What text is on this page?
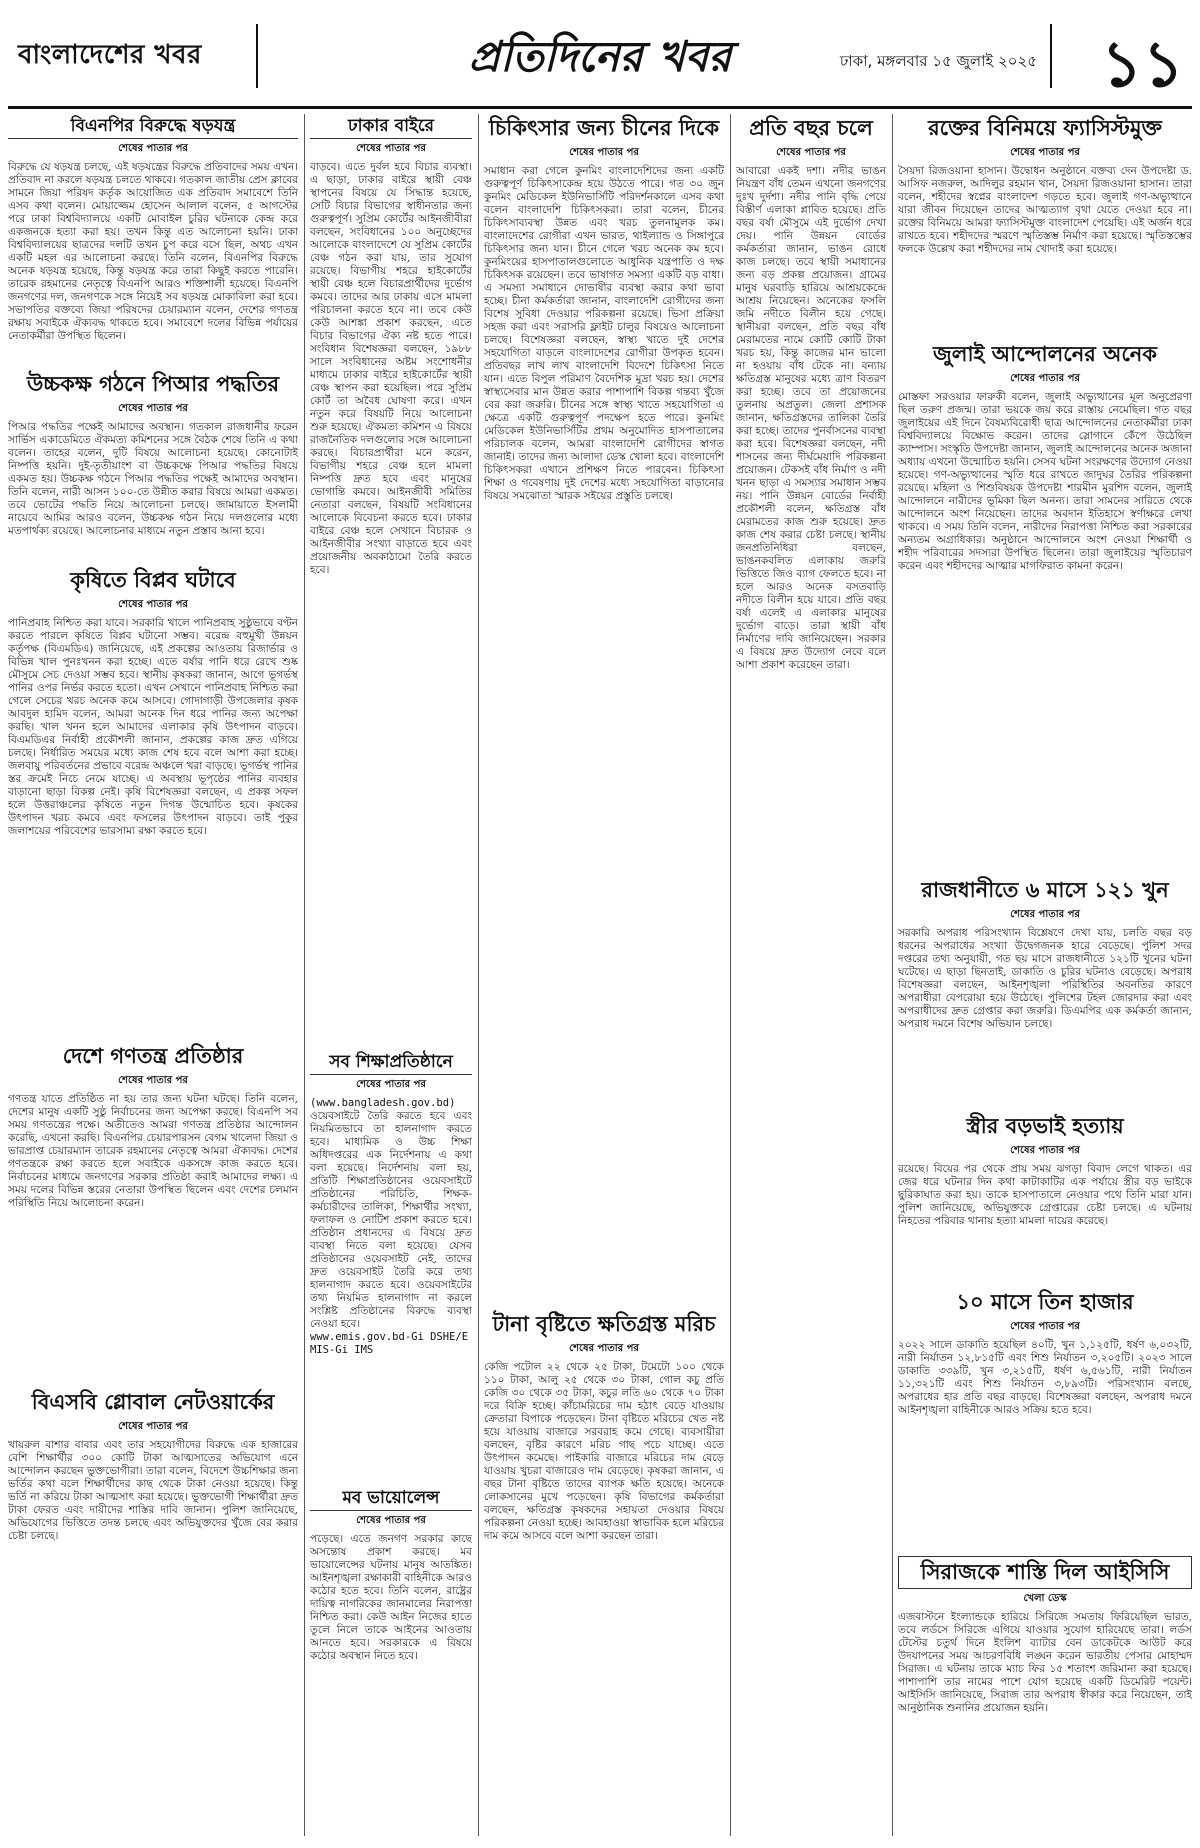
বাংলাদেশের খবর	প্রতিদিনের খবর	ঢাকা, মঙ্গলবার ১৫ জুলাই ২০২৫ ১১
বিএনপির বিরুদ্ধে ষড়যন্ত্র
শেষের পাতার পর
বিরুদ্ধে যে ষড়যন্ত্র চলছে, এই ষড়যন্ত্রের বিরুদ্ধে প্রতিবাদের সময় এখন। প্রতিবাদ না করলে ষড়যন্ত্র চলতে থাকবে। গতকাল জাতীয় প্রেস ক্লাবের সামনে জিয়া পরিষদ কর্তৃক আয়োজিত এক প্রতিবাদ সমাবেশে তিনি এসব কথা বলেন। মোয়াজ্জেম হোসেন আলাল বলেন, ৫ আগস্টের পরে ঢাকা বিশ্ববিদ্যালয়ে একটি মোবাইল চুরির ঘটনাকে কেন্দ্র করে একজনকে হত্যা করা হয়। তখন কিন্তু এত আলোচনা হয়নি। ঢাকা বিশ্ববিদ্যালয়ের ছাত্রদের দলটি তখন চুপ করে বসে ছিল, অথচ এখন একটি মহল এর আলোচনা করছে। তিনি বলেন, বিএনপির বিরুদ্ধে অনেক ষড়যন্ত্র হয়েছে, কিন্তু ষড়যন্ত্র করে তারা কিছুই করতে পারেনি। তারেক রহমানের নেতৃত্বে বিএনপি আরও শক্তিশালী হয়েছে। বিএনপি জনগণের দল, জনগণকে সঙ্গে নিয়েই সব ষড়যন্ত্র মোকাবিলা করা হবে। সভাপতির বক্তব্যে জিয়া পরিষদের চেয়ারম্যান বলেন, দেশের গণতন্ত্র রক্ষায় সবাইকে ঐক্যবদ্ধ থাকতে হবে। সমাবেশে দলের বিভিন্ন পর্যায়ের নেতাকর্মীরা উপস্থিত ছিলেন।
উচ্চকক্ষ গঠনে পিআর পদ্ধতির
শেষের পাতার পর
পিআর পদ্ধতির পক্ষেই আমাদের অবস্থান। গতকাল রাজধানীর ফরেন সার্ভিস একাডেমিতে ঐকমত্য কমিশনের সঙ্গে বৈঠক শেষে তিনি এ কথা বলেন। তাহের বলেন, দুটি বিষয়ে আলোচনা হয়েছে। কোনোটাই নিষ্পত্তি হয়নি। দুই-তৃতীয়াংশ বা উচ্চকক্ষে পিআর পদ্ধতির বিষয়ে একমত হয়। উচ্চকক্ষ গঠনে পিআর পদ্ধতির পক্ষেই আমাদের অবস্থান। তিনি বলেন, নারী আসন ১০০-তে উন্নীত করার বিষয়ে আমরা একমত। তবে ভোটের পদ্ধতি নিয়ে আলোচনা চলছে। জামায়াতে ইসলামী নায়েবে আমির আরও বলেন, উচ্চকক্ষ গঠন নিয়ে দলগুলোর মধ্যে মতপার্থক্য রয়েছে। আলোচনার মাধ্যমে নতুন প্রস্তাব আনা হবে।
কৃষিতে বিপ্লব ঘটাবে
শেষের পাতার পর
পানিপ্রবাহ নিশ্চিত করা যাবে। সরকারি খালে পানিপ্রবাহ সুষ্ঠুভাবে বণ্টন করতে পারলে কৃষিতে বিপ্লব ঘটানো সম্ভব। বরেন্দ্র বহুমুখী উন্নয়ন কর্তৃপক্ষ (বিএমডিএ) জানিয়েছে, এই প্রকল্পের আওতায় রিজার্ভার ও বিভিন্ন খাল পুনঃখনন করা হচ্ছে। এতে বর্ষার পানি ধরে রেখে শুষ্ক মৌসুমে সেচ দেওয়া সম্ভব হবে। স্থানীয় কৃষকরা জানান, আগে ভূগর্ভস্থ পানির ওপর নির্ভর করতে হতো। এখন সেখানে পানিপ্রবাহ নিশ্চিত করা গেলে সেচের খরচ অনেক কমে আসবে। গোদাগাড়ী উপজেলার কৃষক আবদুল হামিদ বলেন, আমরা অনেক দিন ধরে পানির জন্য অপেক্ষা করছি। খাল খনন হলে আমাদের এলাকার কৃষি উৎপাদন বাড়বে। বিএমডিএর নির্বাহী প্রকৌশলী জানান, প্রকল্পের কাজ দ্রুত এগিয়ে চলছে। নির্ধারিত সময়ের মধ্যে কাজ শেষ হবে বলে আশা করা হচ্ছে। জলবায়ু পরিবর্তনের প্রভাবে বরেন্দ্র অঞ্চলে খরা বাড়ছে। ভূগর্ভস্থ পানির স্তর ক্রমেই নিচে নেমে যাচ্ছে। এ অবস্থায় ভূপৃষ্ঠের পানির ব্যবহার বাড়ানো ছাড়া বিকল্প নেই। কৃষি বিশেষজ্ঞরা বলছেন, এ প্রকল্প সফল হলে উত্তরাঞ্চলের কৃষিতে নতুন দিগন্ত উন্মোচিত হবে। কৃষকের উৎপাদন খরচ কমবে এবং ফসলের উৎপাদন বাড়বে। তাই পুকুর জলাশয়ের পরিবেশের ভারসাম্য রক্ষা করতে হবে।
দেশে গণতন্ত্র প্রতিষ্ঠার
শেষের পাতার পর
গণতন্ত্র যাতে প্রতিষ্ঠিত না হয় তার জন্য ঘটনা ঘটছে। তিনি বলেন, দেশের মানুষ একটি সুষ্ঠু নির্বাচনের জন্য অপেক্ষা করছে। বিএনপি সব সময় গণতন্ত্রের পক্ষে। অতীতেও আমরা গণতন্ত্র প্রতিষ্ঠার আন্দোলন করেছি, এখনো করছি। বিএনপির চেয়ারপারসন বেগম খালেদা জিয়া ও ভারপ্রাপ্ত চেয়ারম্যান তারেক রহমানের নেতৃত্বে আমরা ঐক্যবদ্ধ। দেশের গণতন্ত্রকে রক্ষা করতে হলে সবাইকে একসঙ্গে কাজ করতে হবে। নির্বাচনের মাধ্যমে জনগণের সরকার প্রতিষ্ঠা করাই আমাদের লক্ষ্য। এ সময় দলের বিভিন্ন স্তরের নেতারা উপস্থিত ছিলেন এবং দেশের চলমান পরিস্থিতি নিয়ে আলোচনা করেন।
বিএসবি গ্লোবাল নেটওয়ার্কের
শেষের পাতার পর
খায়রুল বাশার বাবার এবং তার সহযোগীদের বিরুদ্ধে এক হাজারের বেশি শিক্ষার্থীর ৩০০ কোটি টাকা আত্মসাতের অভিযোগ এনে আন্দোলন করছেন ভুক্তভোগীরা। তারা বলেন, বিদেশে উচ্চশিক্ষার জন্য ভর্তির কথা বলে শিক্ষার্থীদের কাছ থেকে টাকা নেওয়া হয়েছে। কিন্তু ভর্তি না করিয়ে টাকা আত্মসাৎ করা হয়েছে। ভুক্তভোগী শিক্ষার্থীরা দ্রুত টাকা ফেরত এবং দায়ীদের শাস্তির দাবি জানান। পুলিশ জানিয়েছে, অভিযোগের ভিত্তিতে তদন্ত চলছে এবং অভিযুক্তদের খুঁজে বের করার চেষ্টা চলছে।
ঢাকার বাইরে
শেষের পাতার পর
বাড়বে। এতে দুর্বল হবে বিচার ব্যবস্থা। এ ছাড়া, ঢাকার বাইরে স্থায়ী বেঞ্চ স্থাপনের বিষয়ে যে সিদ্ধান্ত হয়েছে, সেটি বিচার বিভাগের স্বাধীনতার জন্য গুরুত্বপূর্ণ। সুপ্রিম কোর্টের আইনজীবীরা বলছেন, সংবিধানের ১০০ অনুচ্ছেদের আলোকে বাংলাদেশে যে সুপ্রিম কোর্টের বেঞ্চ গঠন করা যায়, তার সুযোগ রয়েছে। বিভাগীয় শহরে হাইকোর্টের স্থায়ী বেঞ্চ হলে বিচারপ্রার্থীদের দুর্ভোগ কমবে। তাদের আর ঢাকায় এসে মামলা পরিচালনা করতে হবে না। তবে কেউ কেউ আশঙ্কা প্রকাশ করছেন, এতে বিচার বিভাগের ঐক্য নষ্ট হতে পারে। সংবিধান বিশেষজ্ঞরা বলছেন, ১৯৮৮ সালে সংবিধানের অষ্টম সংশোধনীর মাধ্যমে ঢাকার বাইরে হাইকোর্টের স্থায়ী বেঞ্চ স্থাপন করা হয়েছিল। পরে সুপ্রিম কোর্ট তা অবৈধ ঘোষণা করে। এখন নতুন করে বিষয়টি নিয়ে আলোচনা শুরু হয়েছে। ঐকমত্য কমিশন এ বিষয়ে রাজনৈতিক দলগুলোর সঙ্গে আলোচনা করছে। বিচারপ্রার্থীরা মনে করেন, বিভাগীয় শহরে বেঞ্চ হলে মামলা নিষ্পত্তি দ্রুত হবে এবং মানুষের ভোগান্তি কমবে। আইনজীবী সমিতির নেতারা বলছেন, বিষয়টি সংবিধানের আলোকে বিবেচনা করতে হবে। ঢাকার বাইরে বেঞ্চ হলে সেখানে বিচারক ও আইনজীবীর সংখ্যা বাড়াতে হবে এবং প্রয়োজনীয় অবকাঠামো তৈরি করতে হবে।
সব শিক্ষাপ্রতিষ্ঠানে
শেষের পাতার পর
(www.bangladesh.gov.bd)
ওয়েবসাইটে তৈরি করতে হবে এবং নিয়মিতভাবে তা হালনাগাদ করতে হবে। মাধ্যমিক ও উচ্চ শিক্ষা অধিদপ্তরের এক নির্দেশনায় এ কথা বলা হয়েছে। নির্দেশনায় বলা হয়, প্রতিটি শিক্ষাপ্রতিষ্ঠানের ওয়েবসাইটে প্রতিষ্ঠানের পরিচিতি, শিক্ষক-কর্মচারীদের তালিকা, শিক্ষার্থীর সংখ্যা, ফলাফল ও নোটিশ প্রকাশ করতে হবে। প্রতিষ্ঠান প্রধানদের এ বিষয়ে দ্রুত ব্যবস্থা নিতে বলা হয়েছে। যেসব প্রতিষ্ঠানের ওয়েবসাইট নেই, তাদের দ্রুত ওয়েবসাইট তৈরি করে তথ্য হালনাগাদ করতে হবে। ওয়েবসাইটের তথ্য নিয়মিত হালনাগাদ না করলে সংশ্লিষ্ট প্রতিষ্ঠানের বিরুদ্ধে ব্যবস্থা নেওয়া হবে।
www.emis.gov.bd-Gi DSHE/EMIS-Gi IMS
মব ভায়োলেন্স
শেষের পাতার পর
পড়েছে। এতে জনগণ সরকার কাছে অসন্তোষ প্রকাশ করছে। মব ভায়োলেন্সের ঘটনায় মানুষ আতঙ্কিত। আইনশৃঙ্খলা রক্ষাকারী বাহিনীকে আরও কঠোর হতে হবে। তিনি বলেন, রাষ্ট্রের দায়িত্ব নাগরিকের জানমালের নিরাপত্তা নিশ্চিত করা। কেউ আইন নিজের হাতে তুলে নিলে তাকে আইনের আওতায় আনতে হবে। সরকারকে এ বিষয়ে কঠোর অবস্থান নিতে হবে।
চিকিৎসার জন্য চীনের দিকে
শেষের পাতার পর
সমাধান করা গেলে কুনমিং বাংলাদেশিদের জন্য একটি গুরুত্বপূর্ণ চিকিৎসাকেন্দ্র হয়ে উঠতে পারে। গত ৩০ জুন কুনমিং মেডিকেল ইউনিভার্সিটি পরিদর্শনকালে এসব কথা বলেন বাংলাদেশি চিকিৎসকরা। তারা বলেন, চীনের চিকিৎসাব্যবস্থা উন্নত এবং খরচ তুলনামূলক কম। বাংলাদেশের রোগীরা এখন ভারত, থাইল্যান্ড ও সিঙ্গাপুরে চিকিৎসার জন্য যান। চীনে গেলে খরচ অনেক কম হবে। কুনমিংয়ের হাসপাতালগুলোতে আধুনিক যন্ত্রপাতি ও দক্ষ চিকিৎসক রয়েছেন। তবে ভাষাগত সমস্যা একটি বড় বাধা। এ সমস্যা সমাধানে দোভাষীর ব্যবস্থা করার কথা ভাবা হচ্ছে। চীনা কর্মকর্তারা জানান, বাংলাদেশি রোগীদের জন্য বিশেষ সুবিধা দেওয়ার পরিকল্পনা রয়েছে। ভিসা প্রক্রিয়া সহজ করা এবং সরাসরি ফ্লাইট চালুর বিষয়েও আলোচনা চলছে। বিশেষজ্ঞরা বলছেন, স্বাস্থ্য খাতে দুই দেশের সহযোগিতা বাড়লে বাংলাদেশের রোগীরা উপকৃত হবেন। প্রতিবছর লাখ লাখ বাংলাদেশি বিদেশে চিকিৎসা নিতে যান। এতে বিপুল পরিমাণ বৈদেশিক মুদ্রা খরচ হয়। দেশের স্বাস্থ্যসেবার মান উন্নত করার পাশাপাশি বিকল্প গন্তব্য খুঁজে বের করা জরুরি। চীনের সঙ্গে স্বাস্থ্য খাতে সহযোগিতা এ ক্ষেত্রে একটি গুরুত্বপূর্ণ পদক্ষেপ হতে পারে। কুনমিং মেডিকেল ইউনিভার্সিটির প্রথম অনুমোদিত হাসপাতালের পরিচালক বলেন, আমরা বাংলাদেশি রোগীদের স্বাগত জানাই। তাদের জন্য আলাদা ডেস্ক খোলা হবে। বাংলাদেশি চিকিৎসকরা এখানে প্রশিক্ষণ নিতে পারবেন। চিকিৎসা শিক্ষা ও গবেষণায় দুই দেশের মধ্যে সহযোগিতা বাড়ানোর বিষয়ে সমঝোতা স্মারক সইয়ের প্রস্তুতি চলছে।
টানা বৃষ্টিতে ক্ষতিগ্রস্ত মরিচ
শেষের পাতার পর
কেজি পটোল ২২ থেকে ২৫ টাকা, টমেটো ১০০ থেকে ১১০ টাকা, আলু ২৫ থেকে ৩০ টাকা, গোল কচু প্রতি কেজি ৩০ থেকে ৩৫ টাকা, কচুর লতি ৬০ থেকে ৭০ টাকা দরে বিক্রি হচ্ছে। কাঁচামরিচের দাম হঠাৎ বেড়ে যাওয়ায় ক্রেতারা বিপাকে পড়েছেন। টানা বৃষ্টিতে মরিচের খেত নষ্ট হয়ে যাওয়ায় বাজারে সরবরাহ কমে গেছে। ব্যবসায়ীরা বলছেন, বৃষ্টির কারণে মরিচ গাছ পচে যাচ্ছে। এতে উৎপাদন কমেছে। পাইকারি বাজারে মরিচের দাম বেড়ে যাওয়ায় খুচরা বাজারেও দাম বেড়েছে। কৃষকরা জানান, এ বছর টানা বৃষ্টিতে তাদের ব্যাপক ক্ষতি হয়েছে। অনেকে লোকসানের মুখে পড়েছেন। কৃষি বিভাগের কর্মকর্তারা বলছেন, ক্ষতিগ্রস্ত কৃষকদের সহায়তা দেওয়ার বিষয়ে পরিকল্পনা নেওয়া হচ্ছে। আবহাওয়া স্বাভাবিক হলে মরিচের দাম কমে আসবে বলে আশা করছেন তারা।
প্রতি বছর চলে
শেষের পাতার পর
আবারো একই দশা। নদীর ভাঙন নিয়ন্ত্রণ বাঁধ তেমন এখনো জনগণের দুঃখ দুর্দশা। নদীর পানি বৃদ্ধি পেয়ে বিস্তীর্ণ এলাকা প্লাবিত হয়েছে। প্রতি বছর বর্ষা মৌসুমে এই দুর্ভোগ দেখা দেয়। পানি উন্নয়ন বোর্ডের কর্মকর্তারা জানান, ভাঙন রোধে কাজ চলছে। তবে স্থায়ী সমাধানের জন্য বড় প্রকল্প প্রয়োজন। গ্রামের মানুষ ঘরবাড়ি হারিয়ে আশ্রয়কেন্দ্রে আশ্রয় নিয়েছেন। অনেকের ফসলি জমি নদীতে বিলীন হয়ে গেছে। স্থানীয়রা বলছেন, প্রতি বছর বাঁধ মেরামতের নামে কোটি কোটি টাকা খরচ হয়, কিন্তু কাজের মান ভালো না হওয়ায় বাঁধ টেকে না। বন্যায় ক্ষতিগ্রস্ত মানুষের মধ্যে ত্রাণ বিতরণ করা হচ্ছে। তবে তা প্রয়োজনের তুলনায় অপ্রতুল। জেলা প্রশাসক জানান, ক্ষতিগ্রস্তদের তালিকা তৈরি করা হচ্ছে। তাদের পুনর্বাসনের ব্যবস্থা করা হবে। বিশেষজ্ঞরা বলছেন, নদী শাসনের জন্য দীর্ঘমেয়াদি পরিকল্পনা প্রয়োজন। টেকসই বাঁধ নির্মাণ ও নদী খনন ছাড়া এ সমস্যার সমাধান সম্ভব নয়। পানি উন্নয়ন বোর্ডের নির্বাহী প্রকৌশলী বলেন, ক্ষতিগ্রস্ত বাঁধ মেরামতের কাজ শুরু হয়েছে। দ্রুত কাজ শেষ করার চেষ্টা চলছে। স্থানীয় জনপ্রতিনিধিরা বলছেন, ভাঙনকবলিত এলাকায় জরুরি ভিত্তিতে জিও ব্যাগ ফেলতে হবে। না হলে আরও অনেক বসতবাড়ি নদীতে বিলীন হয়ে যাবে। প্রতি বছর বর্ষা এলেই এ এলাকার মানুষের দুর্ভোগ বাড়ে। তারা স্থায়ী বাঁধ নির্মাণের দাবি জানিয়েছেন। সরকার এ বিষয়ে দ্রুত উদ্যোগ নেবে বলে আশা প্রকাশ করেছেন তারা।
রক্তের বিনিময়ে ফ্যাসিস্টমুক্ত
শেষের পাতার পর
সৈয়দা রিজওয়ানা হাসান। উদ্বোধন অনুষ্ঠানে বক্তব্য দেন উপদেষ্টা ড. আসিফ নজরুল, আদিলুর রহমান খান, সৈয়দা রিজওয়ানা হাসান। তারা বলেন, শহীদের স্বপ্নের বাংলাদেশ গড়তে হবে। জুলাই গণ-অভ্যুত্থানে যারা জীবন দিয়েছেন তাদের আত্মত্যাগ বৃথা যেতে দেওয়া হবে না। রক্তের বিনিময়ে আমরা ফ্যাসিস্টমুক্ত বাংলাদেশ পেয়েছি। এই অর্জন ধরে রাখতে হবে। শহীদদের স্মরণে স্মৃতিস্তম্ভ নির্মাণ করা হয়েছে। স্মৃতিস্তম্ভের ফলকে উল্লেখ করা শহীদদের নাম খোদাই করা হয়েছে।
জুলাই আন্দোলনের অনেক
শেষের পাতার পর
মোস্তফা সরওয়ার ফারুকী বলেন, জুলাই অভ্যুত্থানের মূল অনুপ্রেরণা ছিল তরুণ প্রজন্ম। তারা ভয়কে জয় করে রাস্তায় নেমেছিল। গত বছর জুলাইয়ের এই দিনে বৈষম্যবিরোধী ছাত্র আন্দোলনের নেতাকর্মীরা ঢাকা বিশ্ববিদ্যালয়ে বিক্ষোভ করেন। তাদের স্লোগানে কেঁপে উঠেছিল ক্যাম্পাস। সংস্কৃতি উপদেষ্টা জানান, জুলাই আন্দোলনের অনেক অজানা অধ্যায় এখনো উন্মোচিত হয়নি। সেসব ঘটনা সংরক্ষণের উদ্যোগ নেওয়া হয়েছে। গণ-অভ্যুত্থানের স্মৃতি ধরে রাখতে জাদুঘর তৈরির পরিকল্পনা রয়েছে। মহিলা ও শিশুবিষয়ক উপদেষ্টা শারমীন মুরশিদ বলেন, জুলাই আন্দোলনে নারীদের ভূমিকা ছিল অনন্য। তারা সামনের সারিতে থেকে আন্দোলনে অংশ নিয়েছেন। তাদের অবদান ইতিহাসে স্বর্ণাক্ষরে লেখা থাকবে। এ সময় তিনি বলেন, নারীদের নিরাপত্তা নিশ্চিত করা সরকারের অন্যতম অগ্রাধিকার। অনুষ্ঠানে আন্দোলনে অংশ নেওয়া শিক্ষার্থী ও শহীদ পরিবারের সদস্যরা উপস্থিত ছিলেন। তারা জুলাইয়ের স্মৃতিচারণ করেন এবং শহীদদের আত্মার মাগফিরাত কামনা করেন।
রাজধানীতে ৬ মাসে ১২১ খুন
শেষের পাতার পর
সরকারি অপরাধ পরিসংখ্যান বিশ্লেষণে দেখা যায়, চলতি বছর বড় ধরনের অপরাধের সংখ্যা উদ্বেগজনক হারে বেড়েছে। পুলিশ সদর দপ্তরের তথ্য অনুযায়ী, গত ছয় মাসে রাজধানীতে ১২১টি খুনের ঘটনা ঘটেছে। এ ছাড়া ছিনতাই, ডাকাতি ও চুরির ঘটনাও বেড়েছে। অপরাধ বিশেষজ্ঞরা বলছেন, আইনশৃঙ্খলা পরিস্থিতির অবনতির কারণে অপরাধীরা বেপরোয়া হয়ে উঠেছে। পুলিশের টহল জোরদার করা এবং অপরাধীদের দ্রুত গ্রেপ্তার করা জরুরি। ডিএমপির এক কর্মকর্তা জানান, অপরাধ দমনে বিশেষ অভিযান চলছে।
স্ত্রীর বড়ভাই হত্যায়
শেষের পাতার পর
রয়েছে। বিয়ের পর থেকে প্রায় সময় ঝগড়া বিবাদ লেগে থাকত। এর জের ধরে ঘটনার দিন কথা কাটাকাটির এক পর্যায়ে স্ত্রীর বড় ভাইকে ছুরিকাঘাত করা হয়। তাকে হাসপাতালে নেওয়ার পথে তিনি মারা যান। পুলিশ জানিয়েছে, অভিযুক্তকে গ্রেপ্তারের চেষ্টা চলছে। এ ঘটনায় নিহতের পরিবার থানায় হত্যা মামলা দায়ের করেছে।
১০ মাসে তিন হাজার
শেষের পাতার পর
২০২২ সালে ডাকাতি হয়েছিল ৪০টি, খুন ১,১২৫টি, ধর্ষণ ৬,০৩২টি, নারী নির্যাতন ১২,৮১৫টি এবং শিশু নির্যাতন ৩,২০৫টি। ২০২৩ সালে ডাকাতি ৩৩৯টি, খুন ৩,২১৫টি, ধর্ষণ ৬,৫৬১টি, নারী নির্যাতন ১১,৩২১টি এবং শিশু নির্যাতন ৩,৮৯৩টি। পরিসংখ্যান বলছে, অপরাধের হার প্রতি বছর বাড়ছে। বিশেষজ্ঞরা বলছেন, অপরাধ দমনে আইনশৃঙ্খলা বাহিনীকে আরও সক্রিয় হতে হবে।
সিরাজকে শাস্তি দিল আইসিসি
খেলা ডেস্ক
এজবাস্টনে ইংল্যান্ডকে হারিয়ে সিরিজে সমতায় ফিরিয়েছিল ভারত, তবে লর্ডসে সিরিজে এগিয়ে যাওয়ার সুযোগ হারিয়েছে তারা। লর্ডস টেস্টের চতুর্থ দিনে ইংলিশ ব্যাটার বেন ডাকেটকে আউট করে উদযাপনের সময় আচরণবিধি লঙ্ঘন করেন ভারতীয় পেসার মোহাম্মদ সিরাজ। এ ঘটনায় তাকে ম্যাচ ফির ১৫ শতাংশ জরিমানা করা হয়েছে। পাশাপাশি তার নামের পাশে যোগ হয়েছে একটি ডিমেরিট পয়েন্ট। আইসিসি জানিয়েছে, সিরাজ তার অপরাধ স্বীকার করে নিয়েছেন, তাই আনুষ্ঠানিক শুনানির প্রয়োজন হয়নি।
